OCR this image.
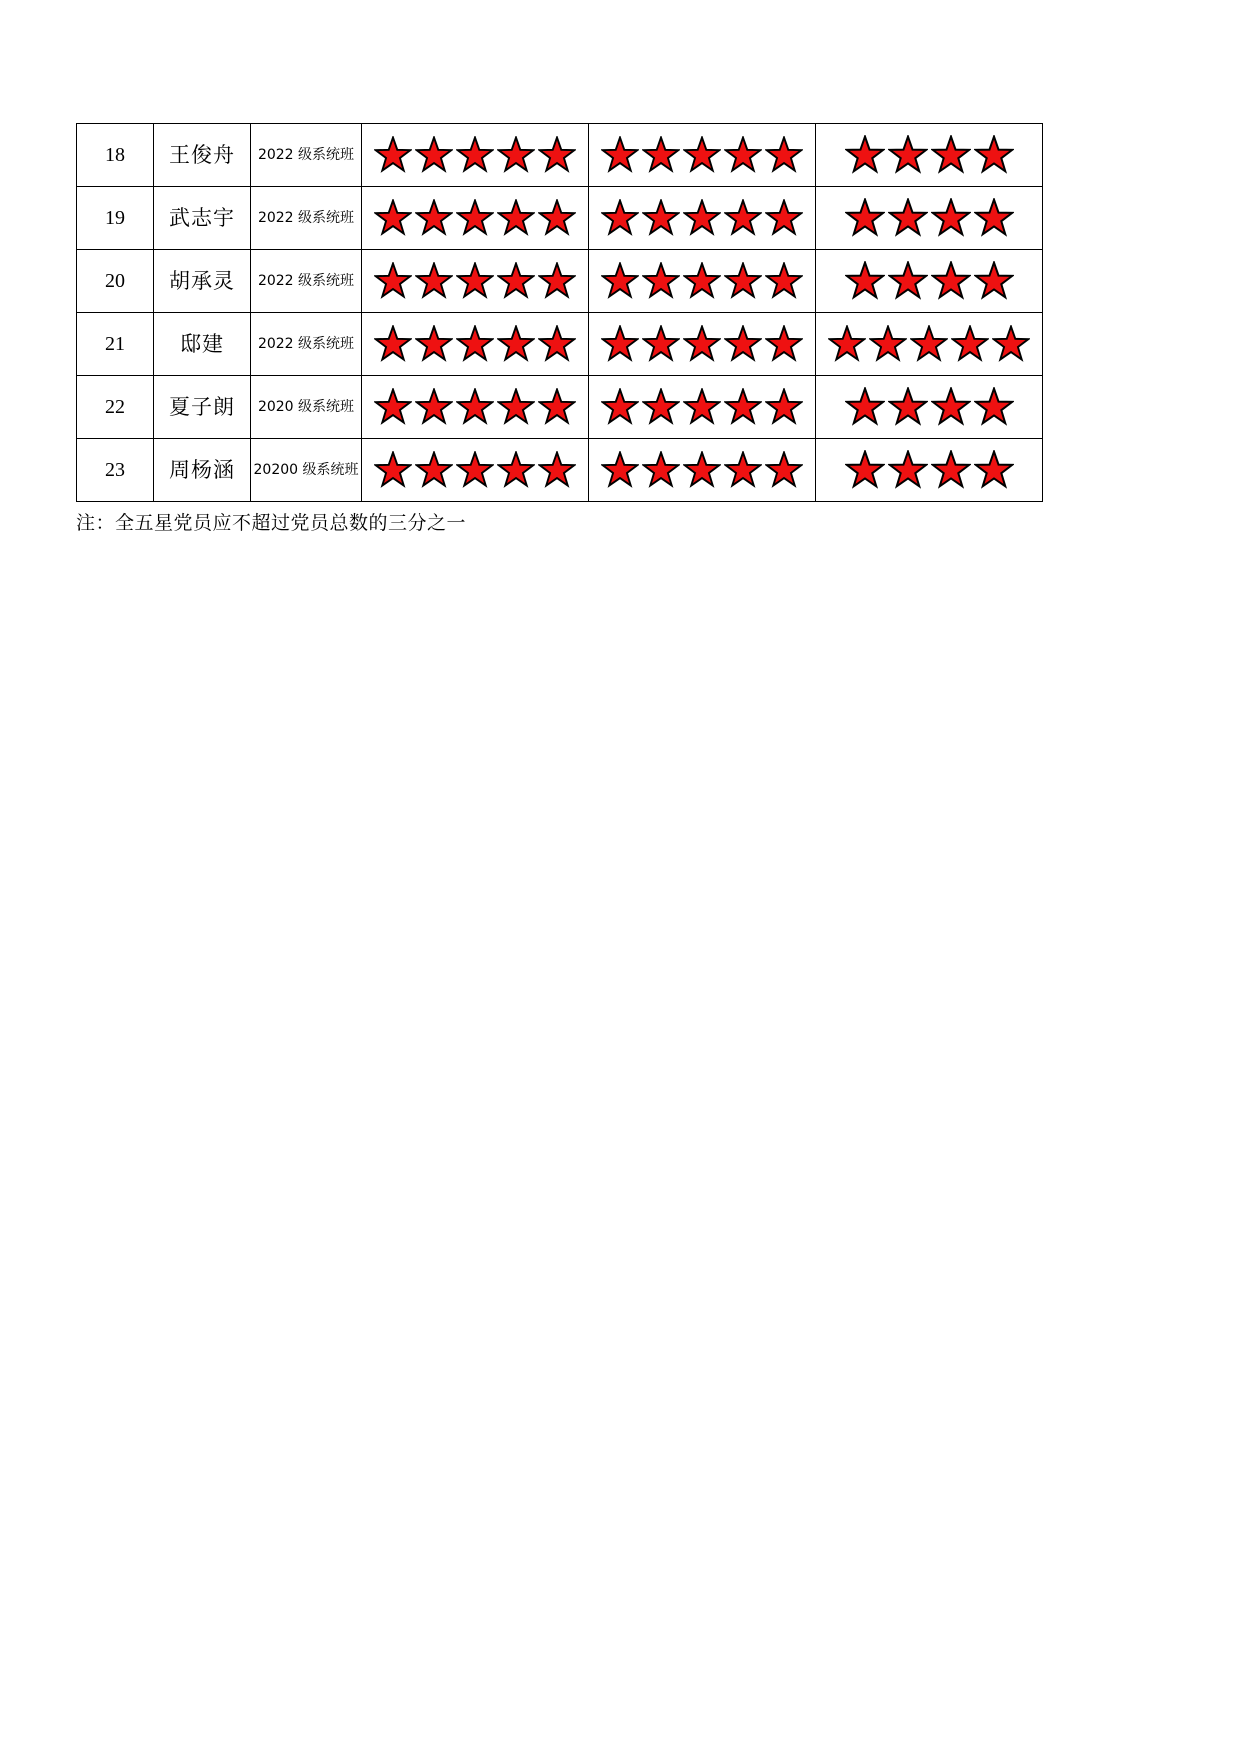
18	王俊舟	2022 级系统班	

19	武志宇	2022 级系统班	

20	胡承灵	2022 级系统班	

21	邸建	2022 级系统班	

22	夏子朗	2020 级系统班	

23	周杨涵	20200 级系统班	

注：全五星党员应不超过党员总数的三分之一
